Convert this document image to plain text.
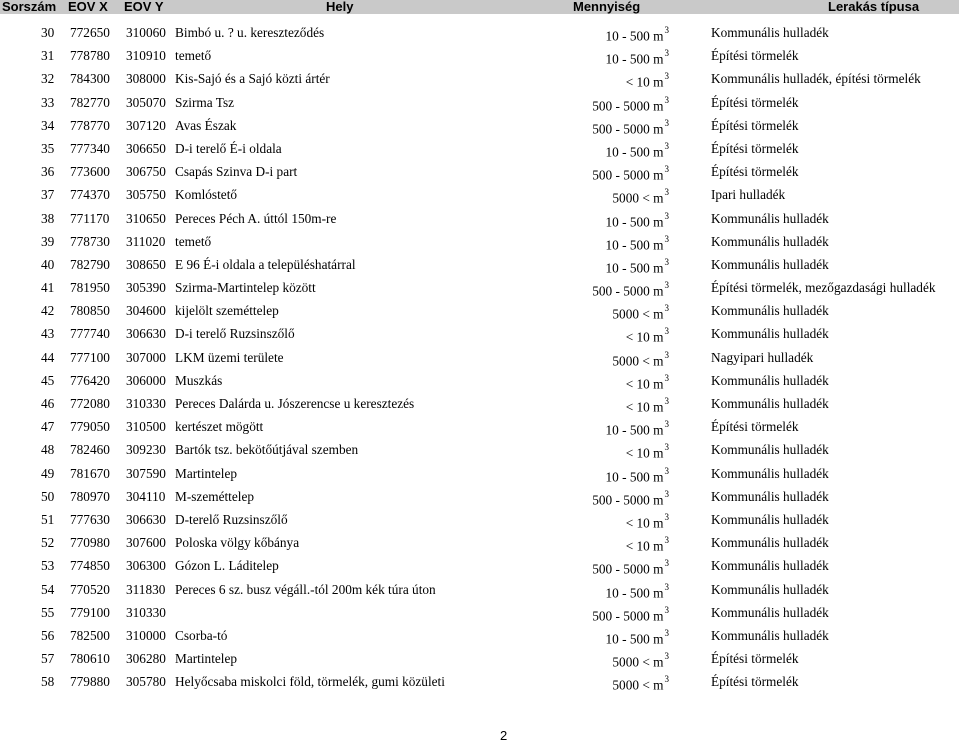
Sorszám EOV X EOV Y	Hely	Mennyiség	Lerakás típusa
30 772650 310060 Bimbó u. ? u. kereszteződés	10 - 500 $m^3$	Kommunális hulladék
31 778780 310910 temető	10 - 500 $m^3$	Építési törmelék
32 784300 308000 Kis-Sajó és a Sajó közti ártér	< 10 $m^3$	Kommunális hulladék, építési törmelék
33 782770 305070 Szirma Tsz	500 - 5000 $m^3$	Építési törmelék
34 778770 307120 Avas Észak	500 - 5000 $m^3$	Építési törmelék
35 777340 306650 D-i terelő É-i oldala	10 - 500 $m^3$	Építési törmelék
36 773600 306750 Csapás Szinva D-i part	500 - 5000 $m^3$	Építési törmelék
37 774370 305750 Komlóstető	$5000 < m^3$	Ipari hulladék
38 771170 310650 Pereces Péch A. úttól 150m-re	10 - 500 $m^3$	Kommunális hulladék
39 778730 311020 temető	10 - 500 $m^3$	Kommunális hulladék
40 782790 308650 E 96 É-i oldala a településhatárral	10 - 500 $m^3$	Kommunális hulladék
41 781950 305390 Szirma-Martintelep között	500 - 5000 $m^3$	Építési törmelék, mezőgazdasági hulladék
42 780850 304600 kijelölt szeméttelep	$5000 < m^3$	Kommunális hulladék
43 777740 306630 D-i terelő Ruzsinszőlő	< 10 $m^3$	Kommunális hulladék
44 777100 307000 LKM üzemi területe	$5000 < m^3$	Nagyipari hulladék
45 776420 306000 Muszkás	< 10 $m^3$	Kommunális hulladék
46 772080 310330 Pereces Dalárda u. Jószerencse u keresztezés	< 10 $m^3$	Kommunális hulladék
47 779050 310500 kertészet mögött	10 - 500 $m^3$	Építési törmelék
48 782460 309230 Bartók tsz. bekötőútjával szemben	< 10 $m^3$	Kommunális hulladék
49 781670 307590 Martintelep	10 - 500 $m^3$	Kommunális hulladék
50 780970 304110 M-szeméttelep	500 - 5000 $m^3$	Kommunális hulladék
51 777630 306630 D-terelő Ruzsinszőlő	< 10 $m^3$	Kommunális hulladék
52 770980 307600 Poloska völgy kőbánya	< 10 $m^3$	Kommunális hulladék
53 774850 306300 Gózon L. Láditelep	500 - 5000 $m^3$	Kommunális hulladék
54 770520 311830 Pereces 6 sz. busz végáll.-tól 200m kék túra úton	10 - 500 $m^3$	Kommunális hulladék
55 779100 310330	500 - 5000 $m^3$	Kommunális hulladék
56 782500 310000 Csorba-tó	10 - 500 $m^3$	Kommunális hulladék
57 780610 306280 Martintelep	$5000 < m^3$	Építési törmelék
58 779880 305780 Helyőcsaba miskolci föld, törmelék, gumi közületi	$5000 < m^3$	Építési törmelék
2
